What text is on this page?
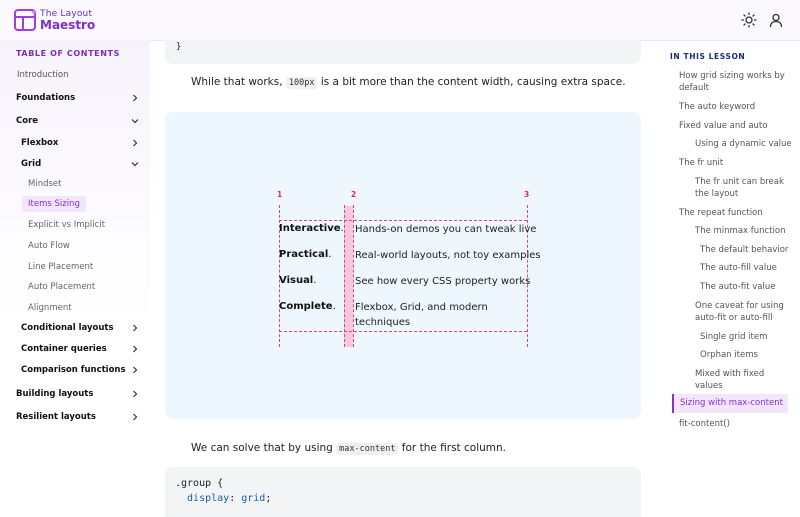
The Layout
Maestro
TABLE OF CONTENTS
Introduction
Foundations
Core
Flexbox
Grid
Mindset
Items Sizing
Explicit vs Implicit
Auto Flow
Line Placement
Auto Placement
Alignment
Conditional layouts
Container queries
Comparison functions
Building layouts
Resilient layouts
}
While that works, 100px is a bit more than the content width, causing extra space.
1	2	3
Interactive. Hands-on demos you can tweak live
Practical. Real-world layouts, not toy examples
Visual.	See how every CSS property works
Complete. Flexbox, Grid, and modern techniques
We can solve that by using max-content for the first column.
.group {
display: grid;
IN THIS LESSON
How grid sizing works by default
The auto keyword
Fixed value and auto
Using a dynamic value
The fr unit
The fr unit can break the layout
The repeat function
The minmax function
The default behavior
The auto-fill value
The auto-fit value
One caveat for using auto-fit or auto-fill
Single grid item
Orphan items
Mixed with fixed values
Sizing with max-content
fit-content()
